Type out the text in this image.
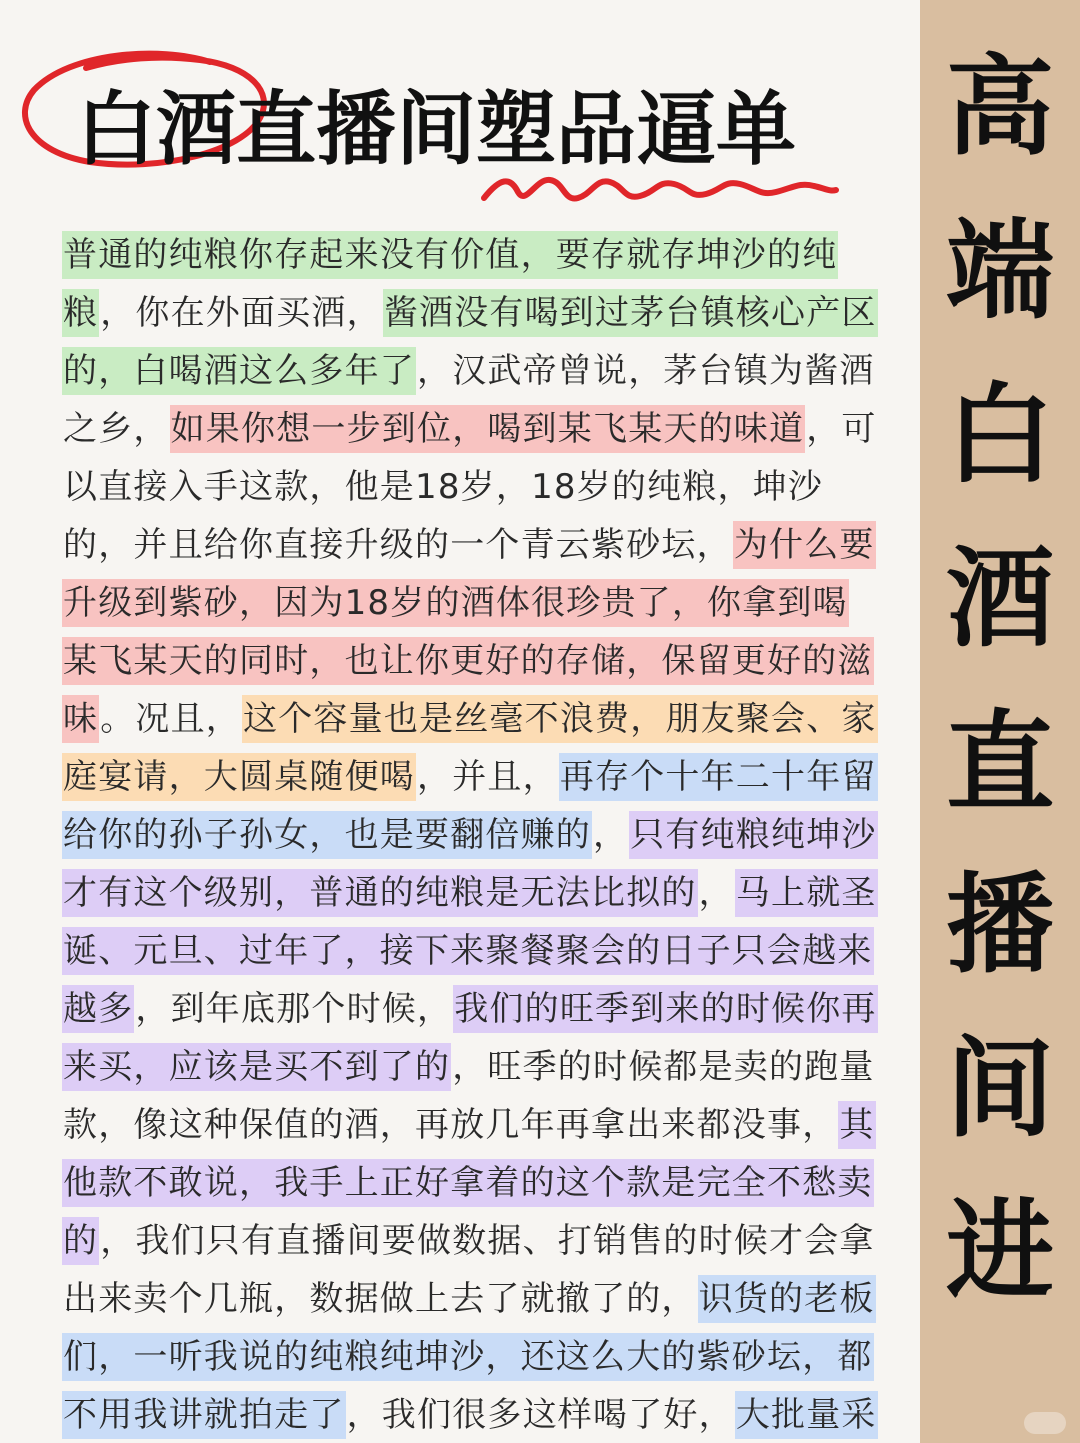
白酒直播间塑品逼单
普通的纯粮你存起来没有价值，要存就存坤沙的纯
粮，你在外面买酒，酱酒没有喝到过茅台镇核心产区
的，白喝酒这么多年了，汉武帝曾说，茅台镇为酱酒
之乡，如果你想一步到位，喝到某飞某天的味道，可
以直接入手这款，他是18岁，18岁的纯粮，坤沙
的，并且给你直接升级的一个青云紫砂坛，为什么要
升级到紫砂，因为18岁的酒体很珍贵了，你拿到喝
某飞某天的同时，也让你更好的存储，保留更好的滋
味。况且，这个容量也是丝毫不浪费，朋友聚会、家
庭宴请，大圆桌随便喝，并且，再存个十年二十年留
给你的孙子孙女，也是要翻倍赚的，只有纯粮纯坤沙
才有这个级别，普通的纯粮是无法比拟的，马上就圣
诞、元旦、过年了，接下来聚餐聚会的日子只会越来
越多，到年底那个时候，我们的旺季到来的时候你再
来买，应该是买不到了的，旺季的时候都是卖的跑量
款，像这种保值的酒，再放几年再拿出来都没事，其
他款不敢说，我手上正好拿着的这个款是完全不愁卖
的，我们只有直播间要做数据、打销售的时候才会拿
出来卖个几瓶，数据做上去了就撤了的，识货的老板
们，一听我说的纯粮纯坤沙，还这么大的紫砂坛，都
不用我讲就拍走了，我们很多这样喝了好，大批量采
高
端
白
酒
直
播
间
进
